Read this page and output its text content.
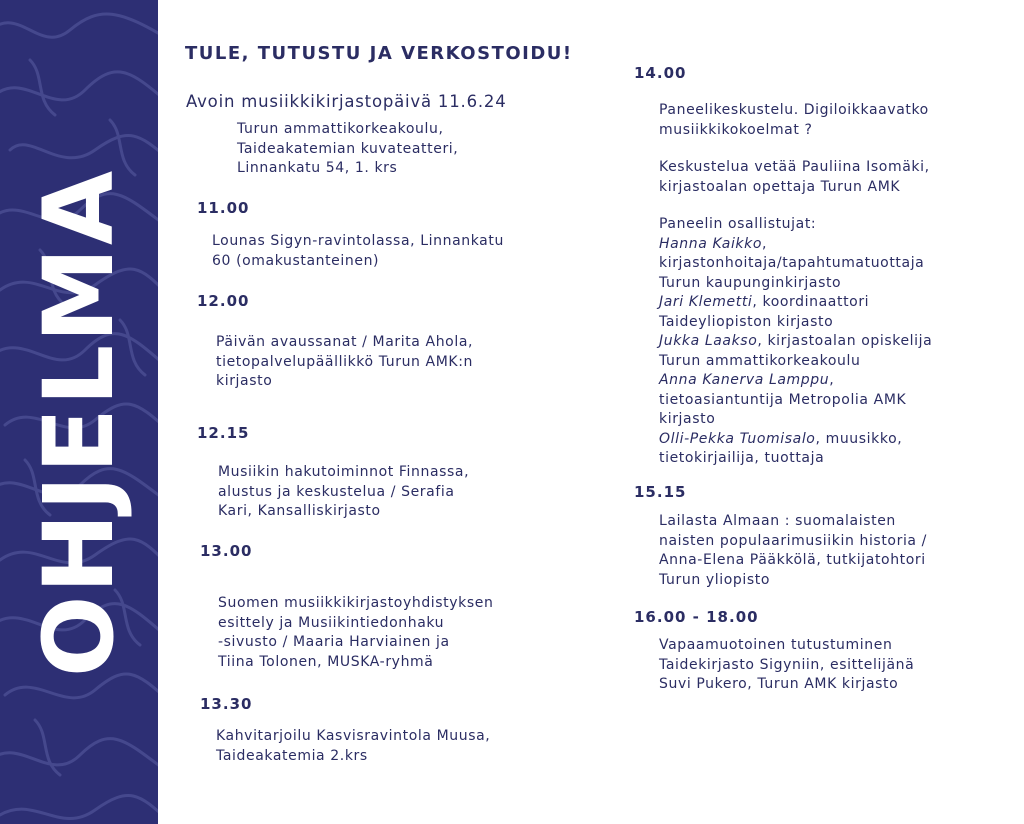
OHJELMA
TULE, TUTUSTU JA VERKOSTOIDU!
Avoin musiikkikirjastopäivä 11.6.24
Turun ammattikorkeakoulu,
Taideakatemian kuvateatteri,
Linnankatu 54, 1. krs
11.00
Lounas Sigyn-ravintolassa, Linnankatu
60 (omakustanteinen)
12.00
Päivän avaussanat / Marita Ahola,
tietopalvelupäällikkö Turun AMK:n
kirjasto
12.15
Musiikin hakutoiminnot Finnassa,
alustus ja keskustelua / Serafia
Kari, Kansalliskirjasto
13.00
Suomen musiikkikirjastoyhdistyksen
esittely ja Musiikintiedonhaku
-sivusto / Maaria Harviainen ja
Tiina Tolonen, MUSKA-ryhmä
13.30
Kahvitarjoilu Kasvisravintola Muusa,
Taideakatemia 2.krs
14.00
Paneelikeskustelu. Digiloikkaavatko
musiikkikokoelmat ?
Keskustelua vetää Pauliina Isomäki,
kirjastoalan opettaja Turun AMK
Paneelin osallistujat:
Hanna Kaikko,
kirjastonhoitaja/tapahtumatuottaja
Turun kaupunginkirjasto
Jari Klemetti, koordinaattori
Taideyliopiston kirjasto
Jukka Laakso, kirjastoalan opiskelija
Turun ammattikorkeakoulu
Anna Kanerva Lamppu,
tietoasiantuntija Metropolia AMK
kirjasto
Olli-Pekka Tuomisalo, muusikko,
tietokirjailija, tuottaja
15.15
Lailasta Almaan : suomalaisten
naisten populaarimusiikin historia /
Anna-Elena Pääkkölä, tutkijatohtori
Turun yliopisto
16.00 - 18.00
Vapaamuotoinen tutustuminen
Taidekirjasto Sigyniin, esittelijänä
Suvi Pukero, Turun AMK kirjasto
